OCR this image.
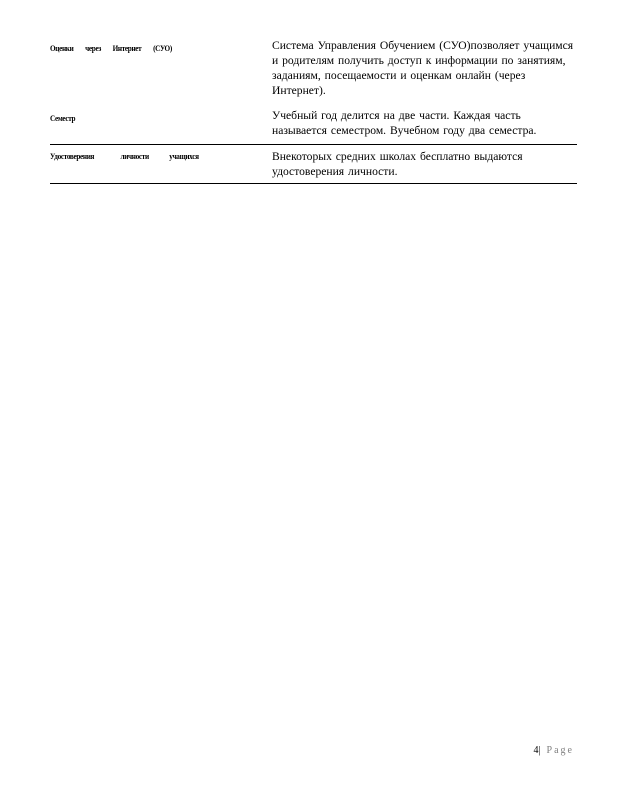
Оценки        через        Интернет        (СУО)	Система Управления Обучением (СУО)позволяет учащимся и родителям получить доступ к информации по занятиям, заданиям, посещаемости и оценкам онлайн (через Интернет).
Семестр	Учебный год делится на две части. Каждая часть называется семестром. Вучебном году два семестра.
Удостоверения                  личности              учащихся	Внекоторых средних школах бесплатно выдаются удостоверения личности.
4| Page
